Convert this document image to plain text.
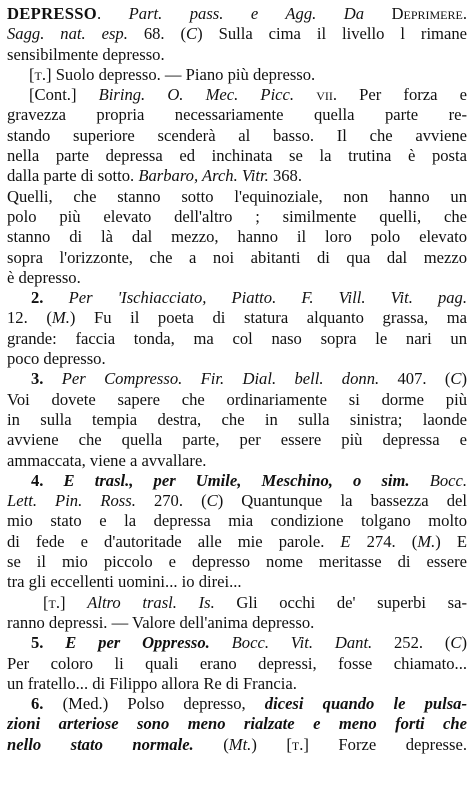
DEPRESSO. Part. pass. e Agg. Da Deprimere.
Sagg. nat. esp. 68. (C) Sulla cima il livello l rimane
sensibilmente depresso.
[t.] Suolo depresso. — Piano più depresso.
[Cont.] Biring. O. Mec. Picc. vii. Per forza e
gravezza propria necessariamente quella parte re-
stando superiore scenderà al basso. Il che avviene
nella parte depressa ed inchinata se la trutina è posta
dalla parte di sotto. Barbaro, Arch. Vitr. 368.
Quelli, che stanno sotto l'equinoziale, non hanno un
polo più elevato dell'altro ; similmente quelli, che
stanno di là dal mezzo, hanno il loro polo elevato
sopra l'orizzonte, che a noi abitanti di qua dal mezzo
è depresso.
2. Per 'Ischiacciato, Piatto. F. Vill. Vit. pag.
12. (M.) Fu il poeta di statura alquanto grassa, ma
grande: faccia tonda, ma col naso sopra le nari un
poco depresso.
3. Per Compresso. Fir. Dial. bell. donn. 407. (C)
Voi dovete sapere che ordinariamente si dorme più
in sulla tempia destra, che in sulla sinistra; laonde
avviene che quella parte, per essere più depressa e
ammaccata, viene a avvallare.
4. E trasl., per Umile, Meschino, o sim. Bocc.
Lett. Pin. Ross. 270. (C) Quantunque la bassezza del
mio stato e la depressa mia condizione tolgano molto
di fede e d'autoritade alle mie parole. E 274. (M.) E
se il mio piccolo e depresso nome meritasse di essere
tra gli eccellenti uomini... io direi...
[t.] Altro trasl. Is. Gli occhi de' superbi sa-
ranno depressi. — Valore dell'anima depresso.
5. E per Oppresso. Bocc. Vit. Dant. 252. (C)
Per coloro li quali erano depressi, fosse chiamato...
un fratello... di Filippo allora Re di Francia.
6. (Med.) Polso depresso, dicesi quando le pulsa-
zioni arteriose sono meno rialzate e meno forti che
nello stato normale. (Mt.) [t.] Forze depresse.
